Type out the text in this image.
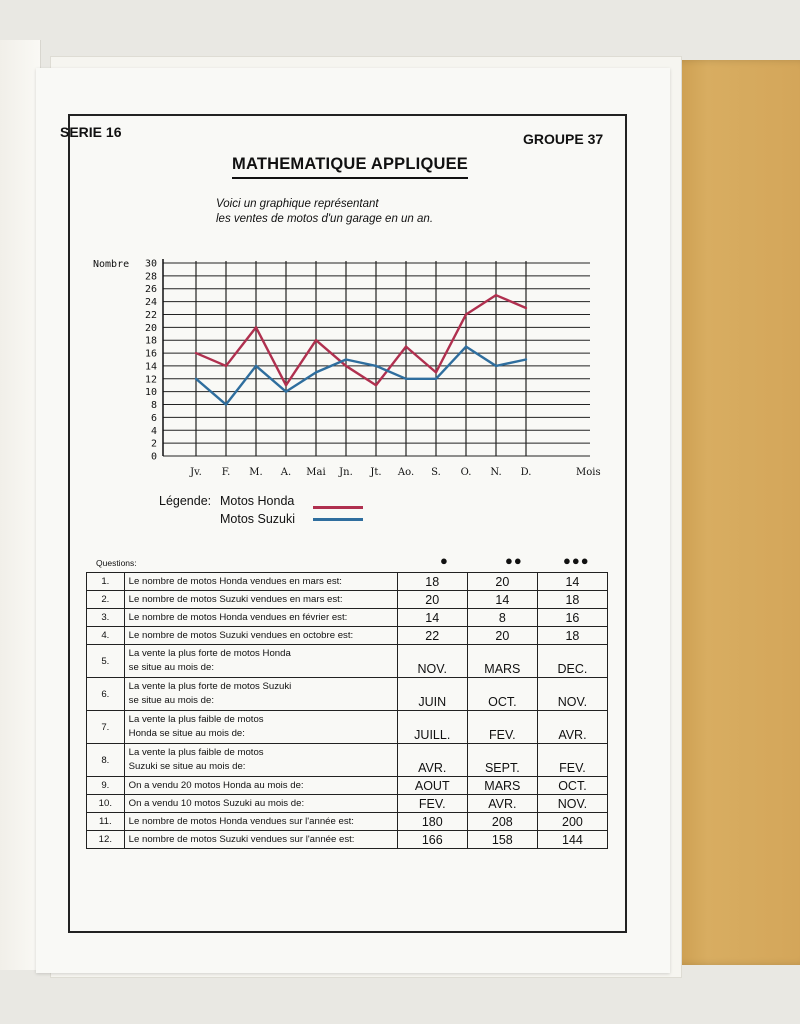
SERIE 16	GROUPE 37
MATHEMATIQUE APPLIQUEE
Voici un graphique représentant
les ventes de motos d'un garage en un an.
0
2
4
6
8
10
12
14
16
18
20
22
24
26
28
30
Nombre
Jv. F. M. A. Mai Jn. Jt. Ao. S. O. N. D.	Mois
Légende: Motos Honda
Motos Suzuki
Questions:	●	●●	●●●
1.	Le nombre de motos Honda vendues en mars est:	18	20	14
2.	Le nombre de motos Suzuki vendues en mars est:	20	14	18
3.	Le nombre de motos Honda vendues en février est:	14	8	16
4.	Le nombre de motos Suzuki vendues en octobre est:	22	20	18
5.	La vente la plus forte de motos Honda
se situe au mois de:	NOV.	MARS	DEC.
6.	La vente la plus forte de motos Suzuki
se situe au mois de:	JUIN	OCT.	NOV.
7.	La vente la plus faible de motos
Honda se situe au mois de:	JUILL.	FEV.	AVR.
8.	La vente la plus faible de motos
Suzuki se situe au mois de:	AVR.	SEPT.	FEV.
9.	On a vendu 20 motos Honda au mois de:	AOUT	MARS	OCT.
10.	On a vendu 10 motos Suzuki au mois de:	FEV.	AVR.	NOV.
11.	Le nombre de motos Honda vendues sur l'année est:	180	208	200
12.	Le nombre de motos Suzuki vendues sur l'année est:	166	158	144
